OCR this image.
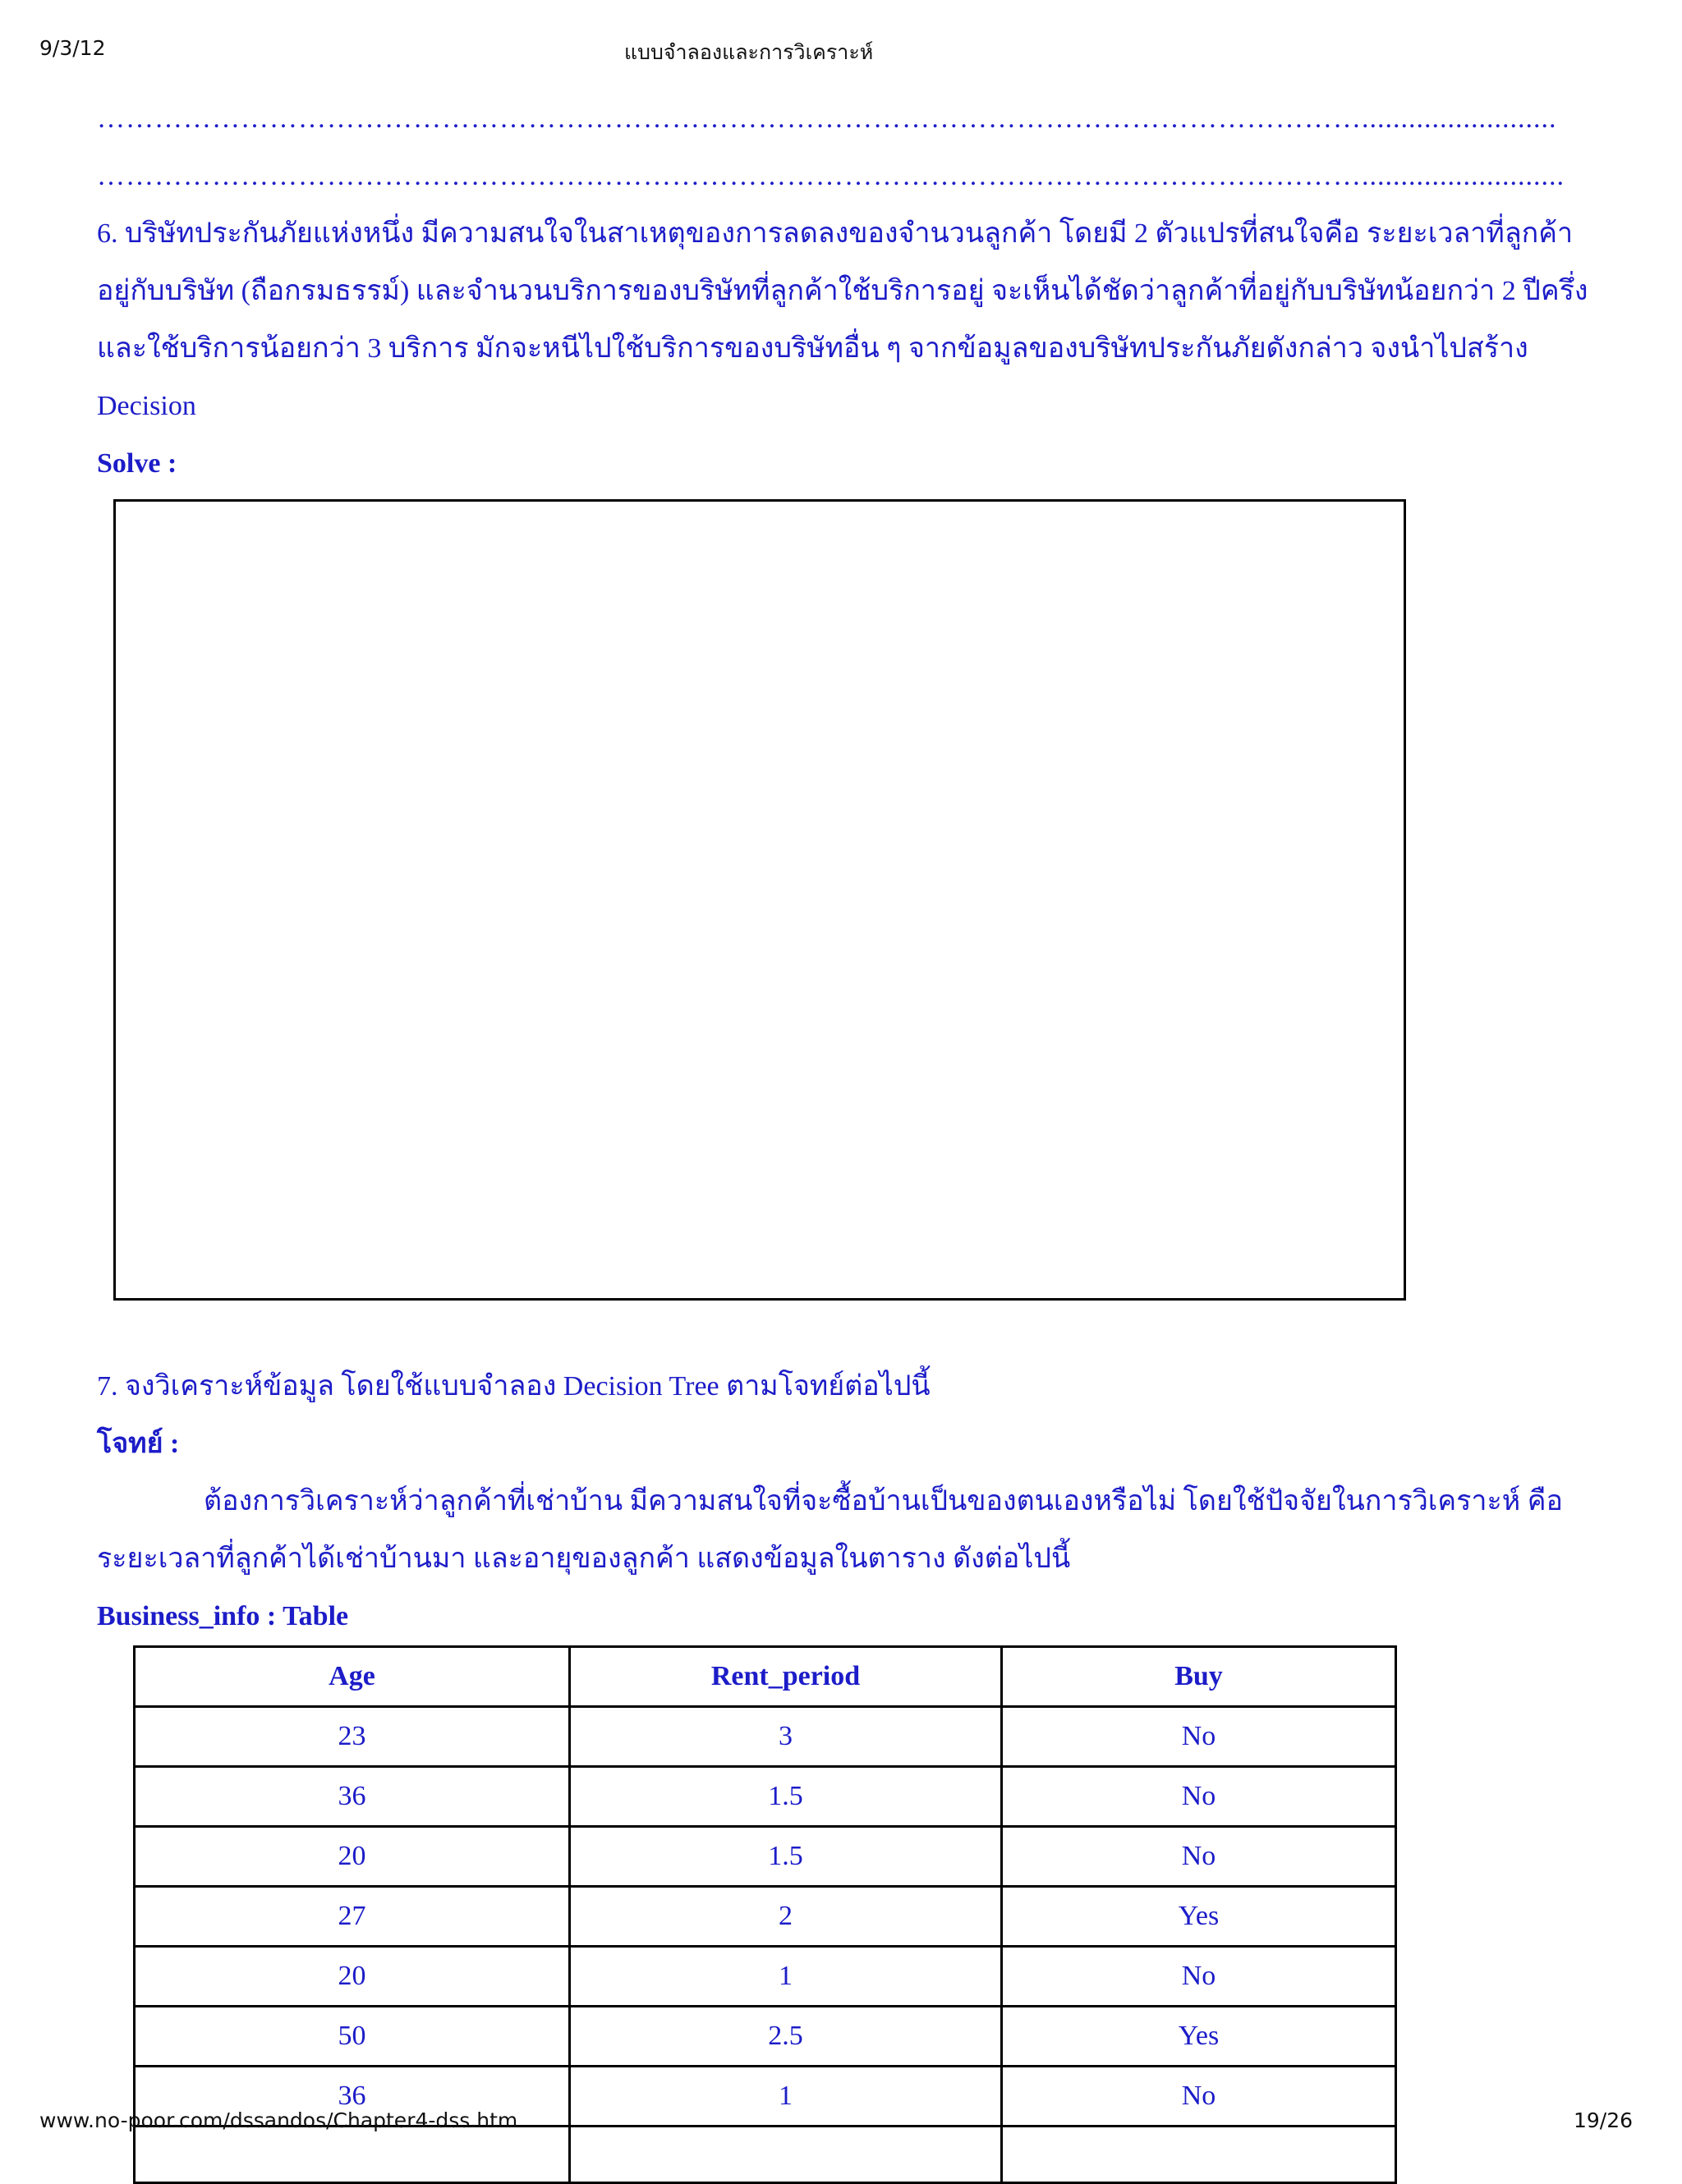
9/3/12	แบบจำลองและการวิเคราะห์
…………………………………………………………………………………………………………………….........................
……………………………………………………………………………………………………………………..........................

6. บริษัทประกันภัยแห่งหนึ่ง มีความสนใจในสาเหตุของการลดลงของจำนวนลูกค้า โดยมี 2 ตัวแปรที่สนใจคือ ระยะเวลาที่ลูกค้าอยู่กับบริษัท (ถือกรมธรรม์) และจำนวนบริการของบริษัทที่ลูกค้าใช้บริการอยู่ จะเห็นได้ชัดว่าลูกค้าที่อยู่กับบริษัทน้อยกว่า 2 ปีครึ่ง และใช้บริการน้อยกว่า 3 บริการ มักจะหนีไปใช้บริการของบริษัทอื่น ๆ จากข้อมูลของบริษัทประกันภัยดังกล่าว จงนำไปสร้าง Decision

Solve :

7. จงวิเคราะห์ข้อมูล โดยใช้แบบจำลอง Decision Tree ตามโจทย์ต่อไปนี้

โจทย์ :

ต้องการวิเคราะห์ว่าลูกค้าที่เช่าบ้าน มีความสนใจที่จะซื้อบ้านเป็นของตนเองหรือไม่ โดยใช้ปัจจัยในการวิเคราะห์ คือ ระยะเวลาที่ลูกค้าได้เช่าบ้านมา และอายุของลูกค้า แสดงข้อมูลในตาราง ดังต่อไปนี้

Business_info : Table

Age	Rent_period	Buy
23	3	No
36	1.5	No
20	1.5	No
27	2	Yes
20	1	No
50	2.5	Yes
36	1	No

www.no-poor.com/dssandos/Chapter4-dss.htm	19/26
